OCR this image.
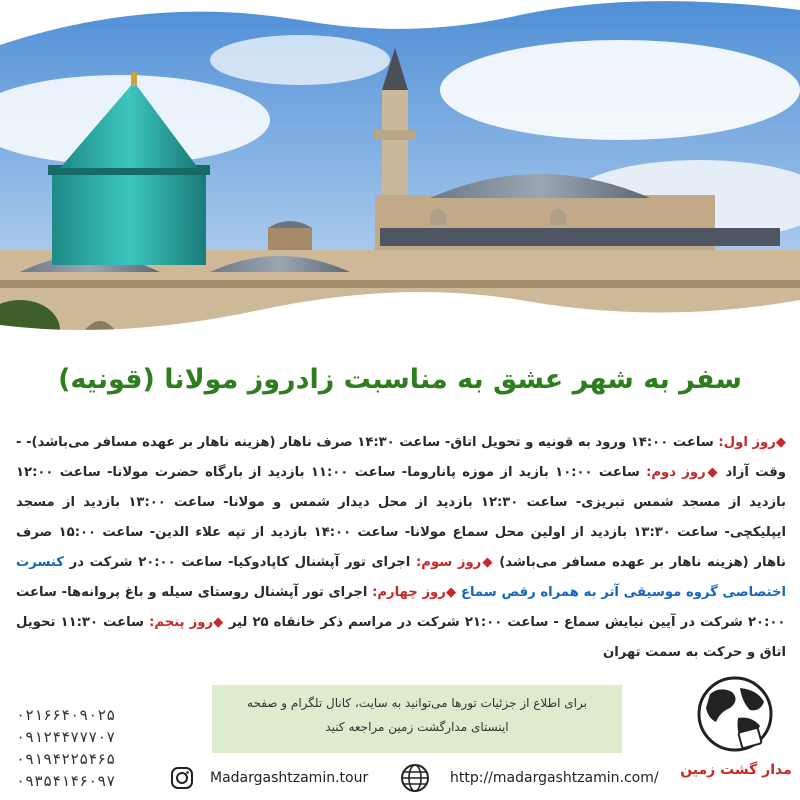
سفر به شهر عشق به مناسبت زادروز مولانا (قونیه)
◆روز اول: ساعت ۱۴:۰۰ ورود به قونیه و تحویل اتاق- ساعت ۱۴:۳۰ صرف ناهار (هزینه ناهار بر عهده مسافر می‌باشد)- - وقت آزاد ◆روز دوم: ساعت ۱۰:۰۰ بازید از موزه پاناروما- ساعت ۱۱:۰۰ بازدید از بارگاه حضرت مولانا- ساعت ۱۲:۰۰ بازدید از مسجد شمس تبریزی- ساعت ۱۲:۳۰ بازدید از محل دیدار شمس و مولانا- ساعت ۱۳:۰۰ بازدید از مسجد ایپلیکچی- ساعت ۱۳:۳۰ بازدید از اولین محل سماع مولانا- ساعت ۱۴:۰۰ بازدید از تپه علاء الدین- ساعت ۱۵:۰۰ صرف ناهار (هزینه ناهار بر عهده مسافر می‌باشد) ◆روز سوم: اجرای تور آپشنال کاپادوکیا- ساعت ۲۰:۰۰ شرکت در کنسرت اختصاصی گروه موسیقی آتر به همراه رقص سماع ◆روز چهارم: اجرای تور آپشنال روستای سیله و باغ پروانه‌ها- ساعت ۲۰:۰۰ شرکت در آیین نیایش سماع - ساعت ۲۱:۰۰ شرکت در مراسم ذکر خانقاه ۲۵ لیر ◆روز پنجم: ساعت ۱۱:۳۰ تحویل اتاق و حرکت به سمت تهران
۰۲۱۶۶۴۰۹۰۲۵
۰۹۱۲۴۴۷۷۷۰۷
۰۹۱۹۴۲۲۵۴۶۵
۰۹۳۵۴۱۴۶۰۹۷
برای اطلاع از جزئیات تورها می‌توانید به سایت، کانال تلگرام و صفحه
اینستای مدارگشت زمین مراجعه کنید
Madargashtzamin.tour	http://madargashtzamin.com/ مدار گشت زمین
